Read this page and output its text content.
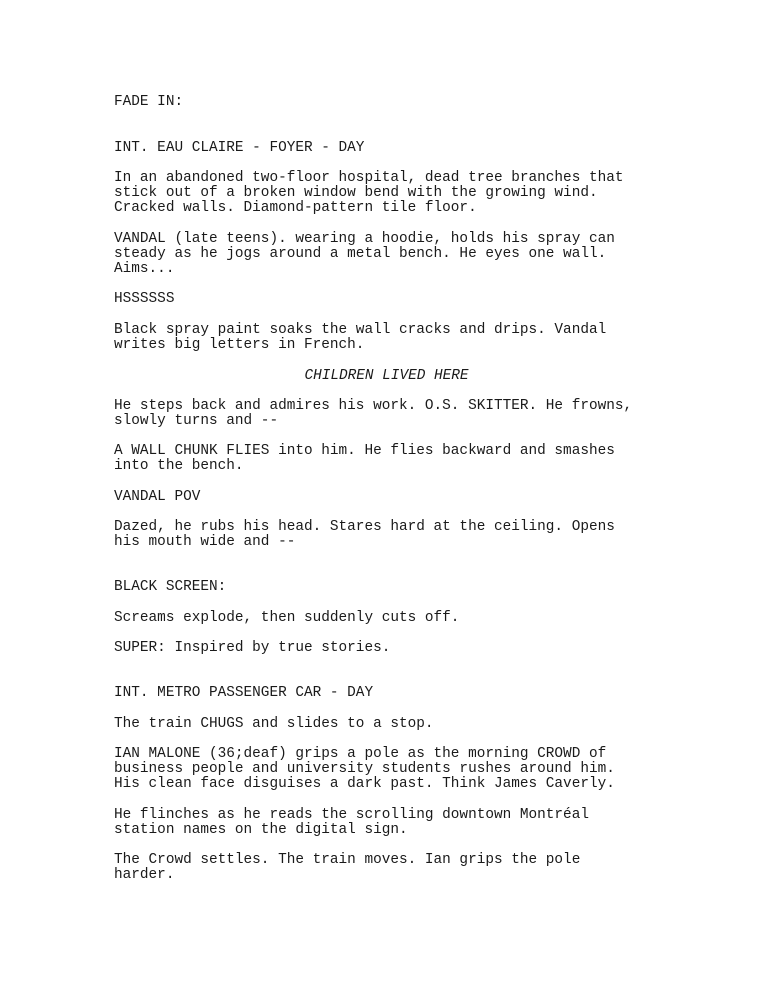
FADE IN:

INT. EAU CLAIRE - FOYER - DAY

In an abandoned two-floor hospital, dead tree branches that
stick out of a broken window bend with the growing wind.
Cracked walls. Diamond-pattern tile floor.

VANDAL (late teens). wearing a hoodie, holds his spray can
steady as he jogs around a metal bench. He eyes one wall.
Aims...

HSSSSSS

Black spray paint soaks the wall cracks and drips. Vandal
writes big letters in French.

CHILDREN LIVED HERE

He steps back and admires his work. O.S. SKITTER. He frowns,
slowly turns and --

A WALL CHUNK FLIES into him. He flies backward and smashes
into the bench.

VANDAL POV

Dazed, he rubs his head. Stares hard at the ceiling. Opens
his mouth wide and --

BLACK SCREEN:

Screams explode, then suddenly cuts off.

SUPER: Inspired by true stories.

INT. METRO PASSENGER CAR - DAY

The train CHUGS and slides to a stop.

IAN MALONE (36;deaf) grips a pole as the morning CROWD of
business people and university students rushes around him.
His clean face disguises a dark past. Think James Caverly.

He flinches as he reads the scrolling downtown Montréal
station names on the digital sign.

The Crowd settles. The train moves. Ian grips the pole
harder.
